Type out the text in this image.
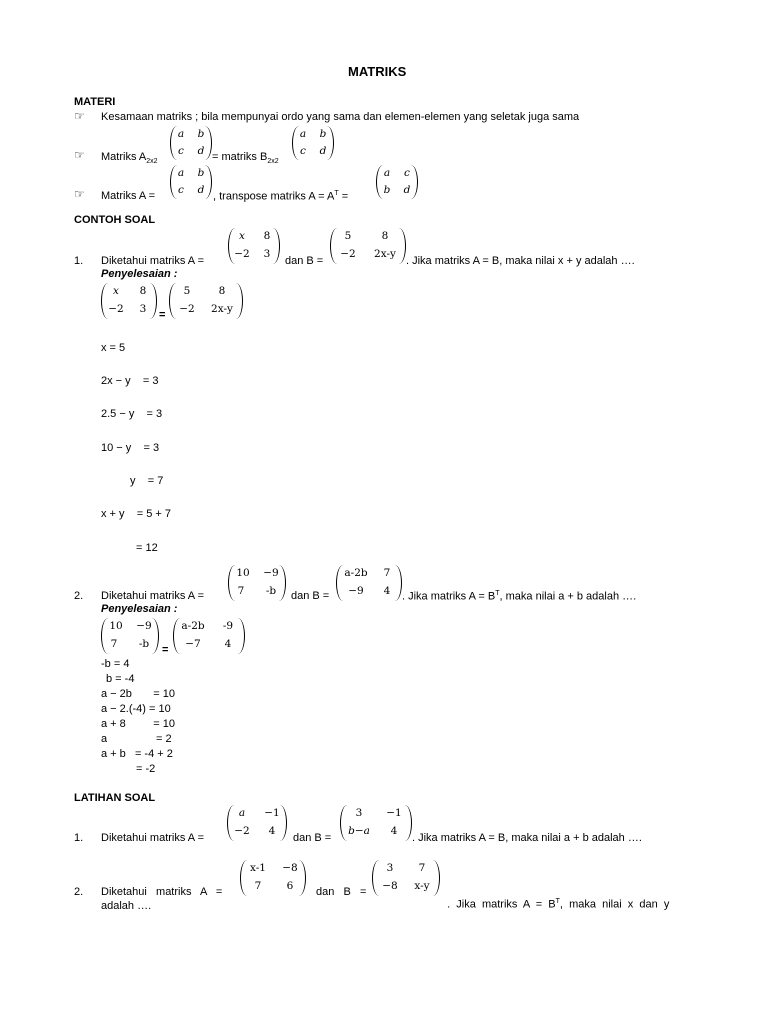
MATRIKS
MATERI
☞ Kesamaan matriks ; bila mempunyai ordo yang sama dan elemen-elemen yang seletak juga sama
☞ Matriks $A_{2x2}$
a	b
c	d = matriks $B_{2x2}$
a	b
c	d
☞ Matriks A =
a	b
c	d
, transpose matriks $A = A^T$ =
a	c
b	d
CONTOH SOAL
1. Diketahui matriks A =
x	8
−2	3
dan B =
5	8
−2	2x-y
. Jika matriks A = B, maka nilai x + y adalah ….
Penyelesaian :
x	8
−2	3	=
5	8
−2	2x-y
x = 5
2x − y    = 3
2.5 − y    = 3
10 − y    = 3
y    = 7
x + y    = 5 + 7
= 12
2. Diketahui matriks A =
10	−9
7	-b	dan B =
a-2b	7
−9	4	. Jika matriks $A = B^T$, maka nilai a + b adalah ….
Penyelesaian :
10	−9
7	-b	=
a-2b	-9
−7	4
-b = 4
b = -4
a − 2b       = 10
a − 2.(-4) = 10
a + 8         = 10
a                = 2
a + b   = -4 + 2
= -2
LATIHAN SOAL
1. Diketahui matriks A =
a	−1
−2	4
dan B =
3	−1
b−a	4
. Jika matriks A = B, maka nilai a + b adalah ….
2. Diketahui   matriks   A   =
x-1	−8
7	6	dan   B   =
3	7
−8	x-y

.  Jika  matriks  $A = B^T$,  maka  nilai  x  dan  y

adalah ….
